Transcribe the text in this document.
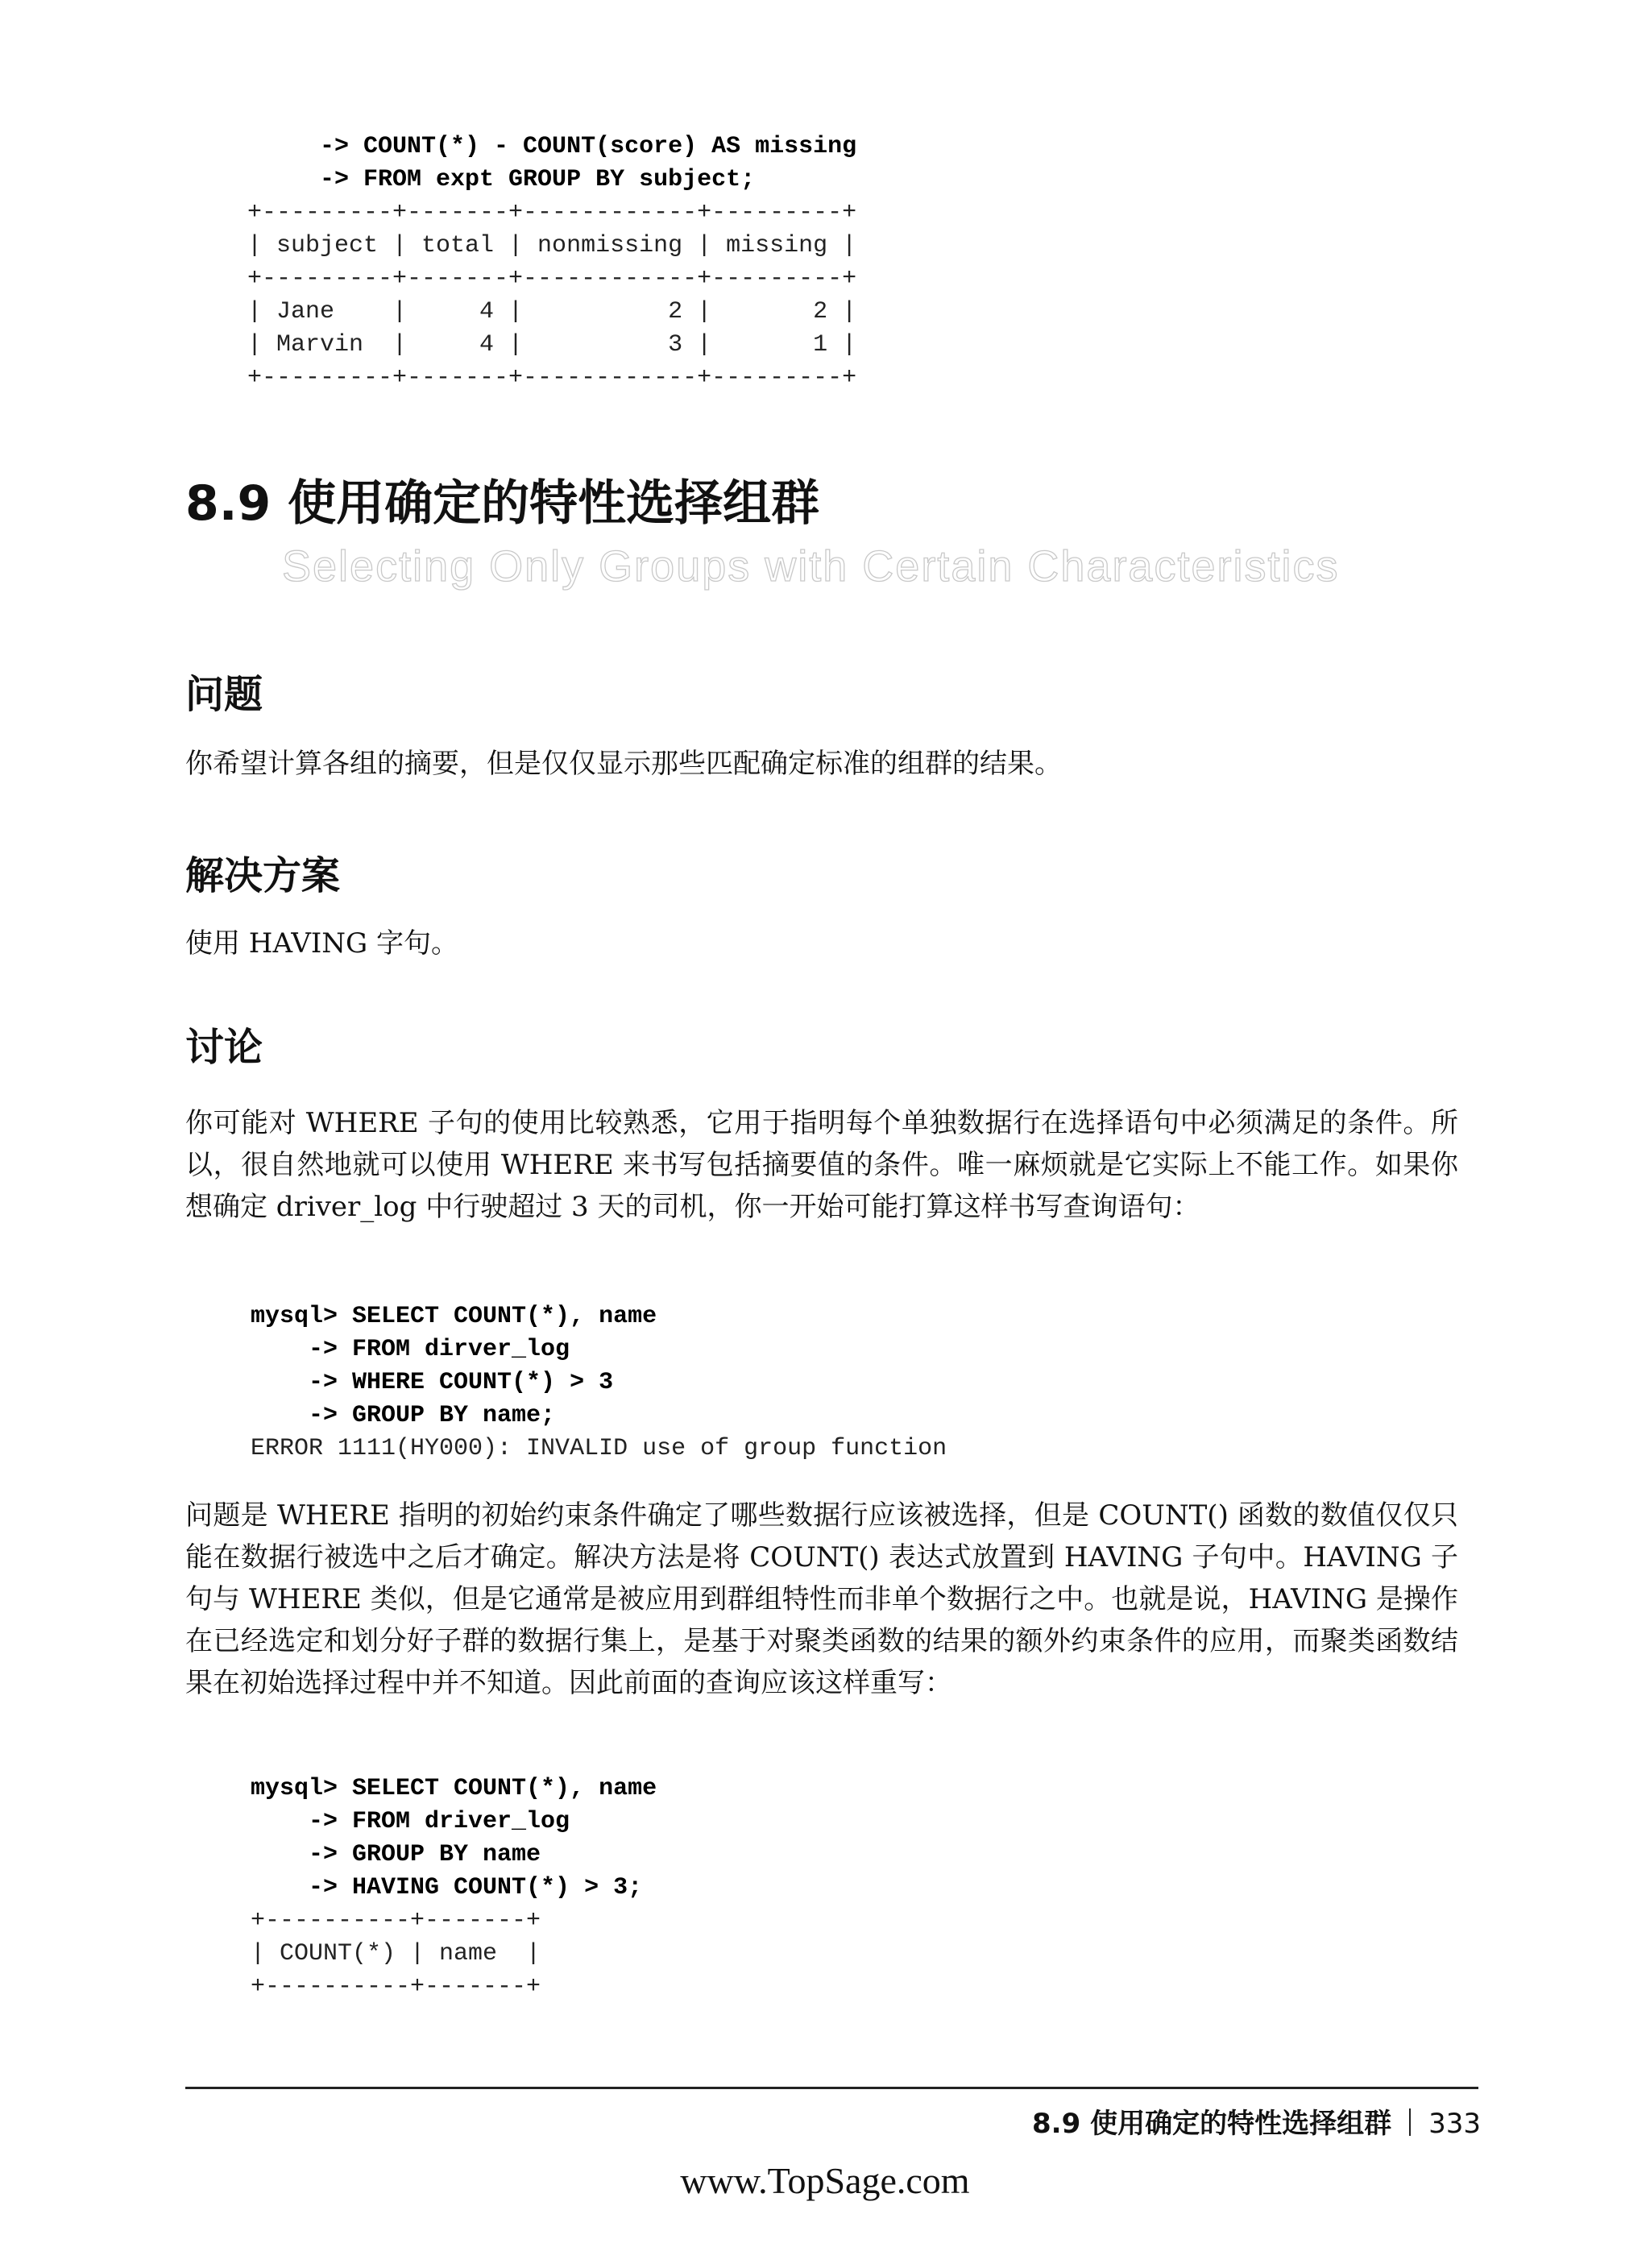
-> COUNT(*) - COUNT(score) AS missing
-> FROM expt GROUP BY subject;
+---------+-------+------------+---------+
| subject | total | nonmissing | missing |
+---------+-------+------------+---------+
| Jane    |     4 |          2 |       2 |
| Marvin  |     4 |          3 |       1 |
+---------+-------+------------+---------+
8.9 使用确定的特性选择组群

Selecting Only Groups with Certain Characteristics

问题

你希望计算各组的摘要，但是仅仅显示那些匹配确定标准的组群的结果。

解决方案

使用 HAVING 字句。

讨论

你可能对 WHERE 子句的使用比较熟悉，它用于指明每个单独数据行在选择语句中必须满足的条件。所以，很自然地就可以使用 WHERE 来书写包括摘要值的条件。唯一麻烦就是它实际上不能工作。如果你想确定 driver_log 中行驶超过 3 天的司机，你一开始可能打算这样书写查询语句：

mysql> SELECT COUNT(*), name
-> FROM dirver_log
-> WHERE COUNT(*) > 3
-> GROUP BY name;
ERROR 1111(HY000): INVALID use of group function

问题是 WHERE 指明的初始约束条件确定了哪些数据行应该被选择，但是 COUNT() 函数的数值仅仅只能在数据行被选中之后才确定。解决方法是将 COUNT() 表达式放置到 HAVING 子句中。HAVING 子句与 WHERE 类似，但是它通常是被应用到群组特性而非单个数据行之中。也就是说，HAVING 是操作在已经选定和划分好子群的数据行集上，是基于对聚类函数的结果的额外约束条件的应用，而聚类函数结果在初始选择过程中并不知道。因此前面的查询应该这样重写：

mysql> SELECT COUNT(*), name
-> FROM driver_log
-> GROUP BY name
-> HAVING COUNT(*) > 3;
+----------+-------+
| COUNT(*) | name  |
+----------+-------+

8.9 使用确定的特性选择组群 333

www.TopSage.com
